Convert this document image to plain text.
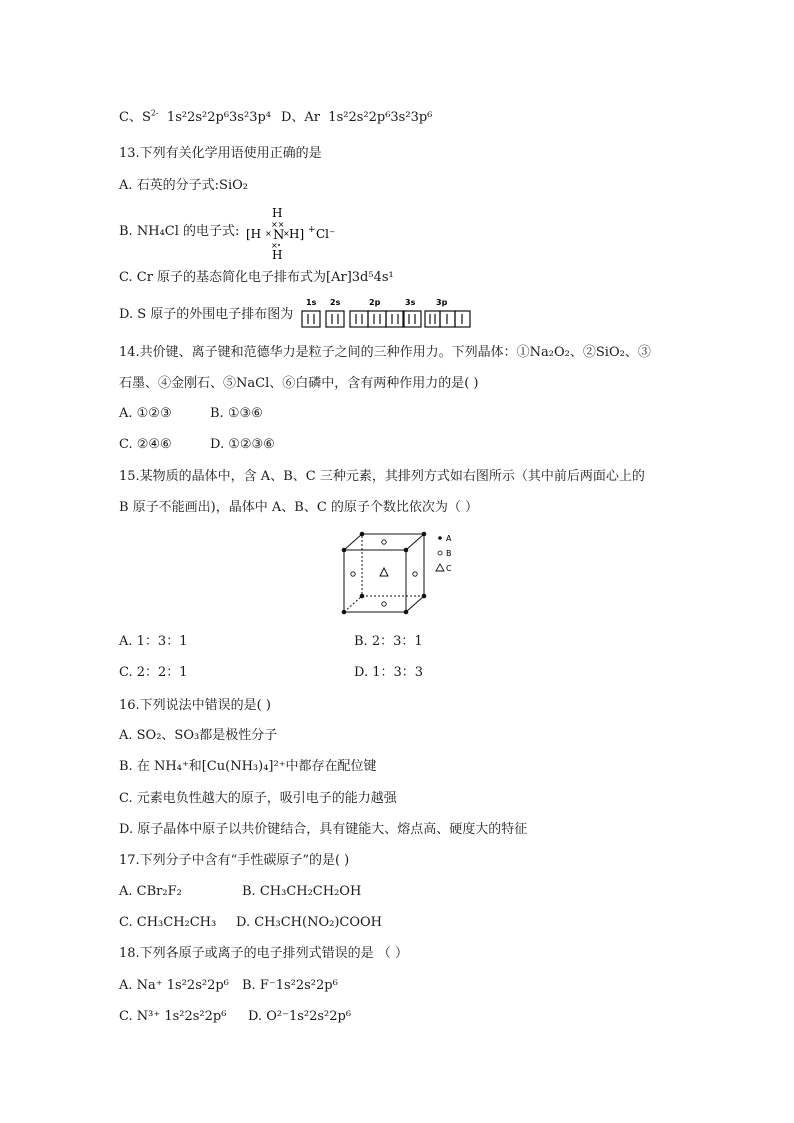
C、$S^{2-}$ 1s²2s²2p⁶3s²3p⁴ D、Ar 1s²2s²2p⁶3s²3p⁶
13.下列有关化学用语使用正确的是
A. 石英的分子式:SiO₂
B. NH₄Cl 的电子式:
H
××
[H × N
× H] + Cl⁻
×
H
C. Cr 原子的基态简化电子排布式为[Ar]3d⁵4s¹
D. S 原子的外围电子排布图为
1s 2s	2p	3s	3p
14.共价键、离子键和范德华力是粒子之间的三种作用力。下列晶体：①Na₂O₂、②SiO₂、③
石墨、④金刚石、⑤NaCl、⑥白磷中，含有两种作用力的是( )
A. ①②③	B. ①③⑥
C. ②④⑥	D. ①②③⑥
15.某物质的晶体中，含 A、B、C 三种元素，其排列方式如右图所示（其中前后两面心上的
B 原子不能画出)，晶体中 A、B、C 的原子个数比依次为（ ）
A
B
C
A. 1：3：1	B. 2：3：1
C. 2：2：1	D. 1：3：3
16.下列说法中错误的是( )
A. SO₂、SO₃都是极性分子
B. 在 NH₄⁺和[Cu(NH₃)₄]²⁺中都存在配位键
C. 元素电负性越大的原子，吸引电子的能力越强
D. 原子晶体中原子以共价键结合，具有键能大、熔点高、硬度大的特征
17.下列分子中含有“手性碳原子”的是( )
A. CBr₂F₂	B. CH₃CH₂CH₂OH
C. CH₃CH₂CH₃ D. CH₃CH(NO₂)COOH
18.下列各原子或离子的电子排列式错误的是 （ ）
A. Na⁺ 1s²2s²2p⁶ B. F⁻1s²2s²2p⁶
C. N³⁺ 1s²2s²2p⁶ D. O²⁻1s²2s²2p⁶
